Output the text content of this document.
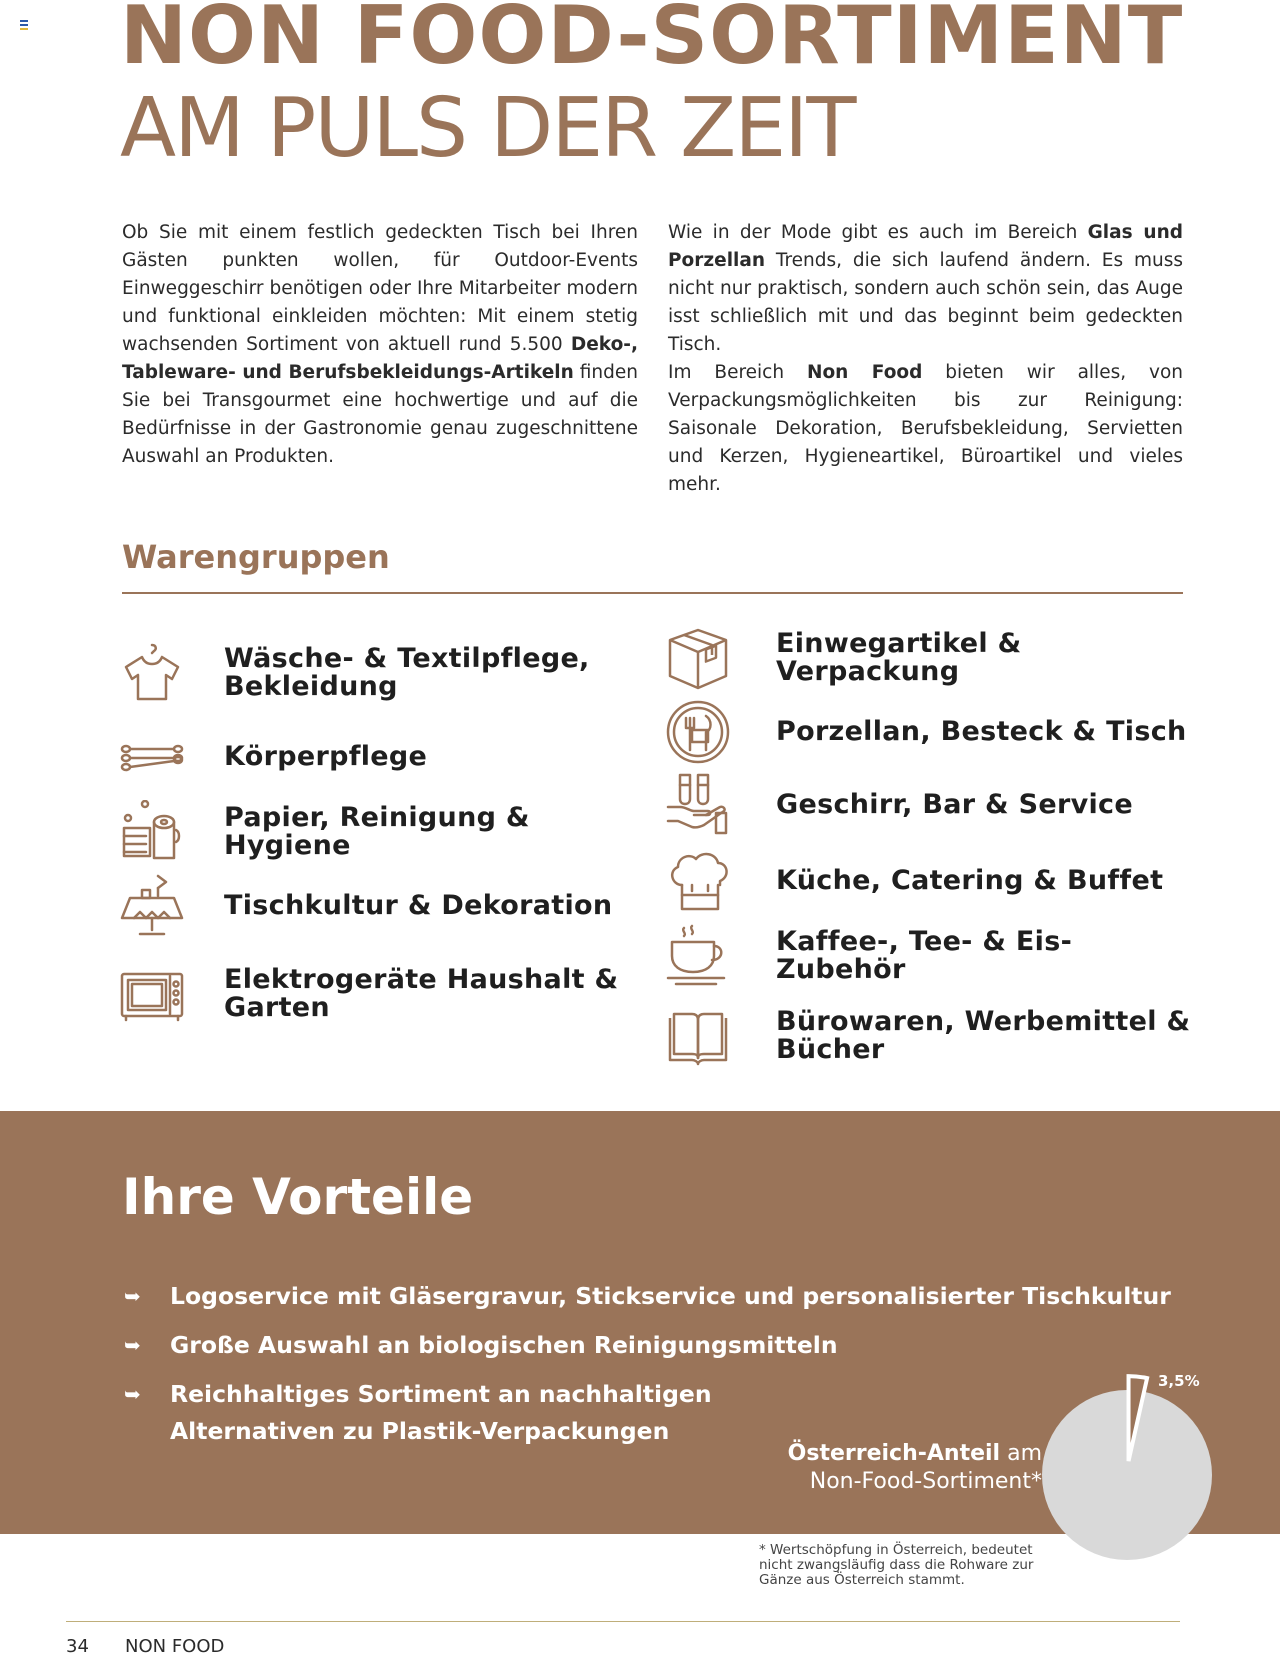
NON FOOD-SORTIMENT
AM PULS DER ZEIT

Ob Sie mit einem festlich gedeckten Tisch bei Ihren Gästen punkten wollen, für Outdoor-Events Einweggeschirr benötigen oder Ihre Mitarbeiter modern und funktional einkleiden möchten: Mit einem stetig wachsenden Sortiment von aktuell rund 5.500 Deko-, Tableware- und Berufsbekleidungs-Artikeln finden Sie bei Transgourmet eine hochwertige und auf die Bedürfnisse in der Gastronomie genau zugeschnittene Auswahl an Produkten.

Wie in der Mode gibt es auch im Bereich Glas und Porzellan Trends, die sich laufend ändern. Es muss nicht nur praktisch, sondern auch schön sein, das Auge isst schließlich mit und das beginnt beim gedeckten Tisch.

Im Bereich Non Food bieten wir alles, von Verpackungsmöglichkeiten bis zur Reinigung: Saisonale Dekoration, Berufsbekleidung, Servietten und Kerzen, Hygieneartikel, Büroartikel und vieles mehr.

Warengruppen
Wäsche- & Textilpflege, Bekleidung
Körperpflege
Papier, Reinigung & Hygiene
Tischkultur & Dekoration
Elektrogeräte Haushalt & Garten
Einwegartikel & Verpackung
Porzellan, Besteck & Tisch
Geschirr, Bar & Service
Küche, Catering & Buffet
Kaffee-, Tee- & Eis-Zubehör
Bürowaren, Werbemittel & Bücher
Ihre Vorteile
➥ Logoservice mit Gläsergravur, Stickservice und personalisierter Tischkultur
➥ Große Auswahl an biologischen Reinigungsmitteln
➥ Reichhaltiges Sortiment an nachhaltigen Alternativen zu Plastik-Verpackungen

Österreich-Anteil am
Non-Food-Sortiment*

3,5%

* Wertschöpfung in Österreich, bedeutet nicht zwangsläufig dass die Rohware zur Gänze aus Österreich stammt.

34 NON FOOD
